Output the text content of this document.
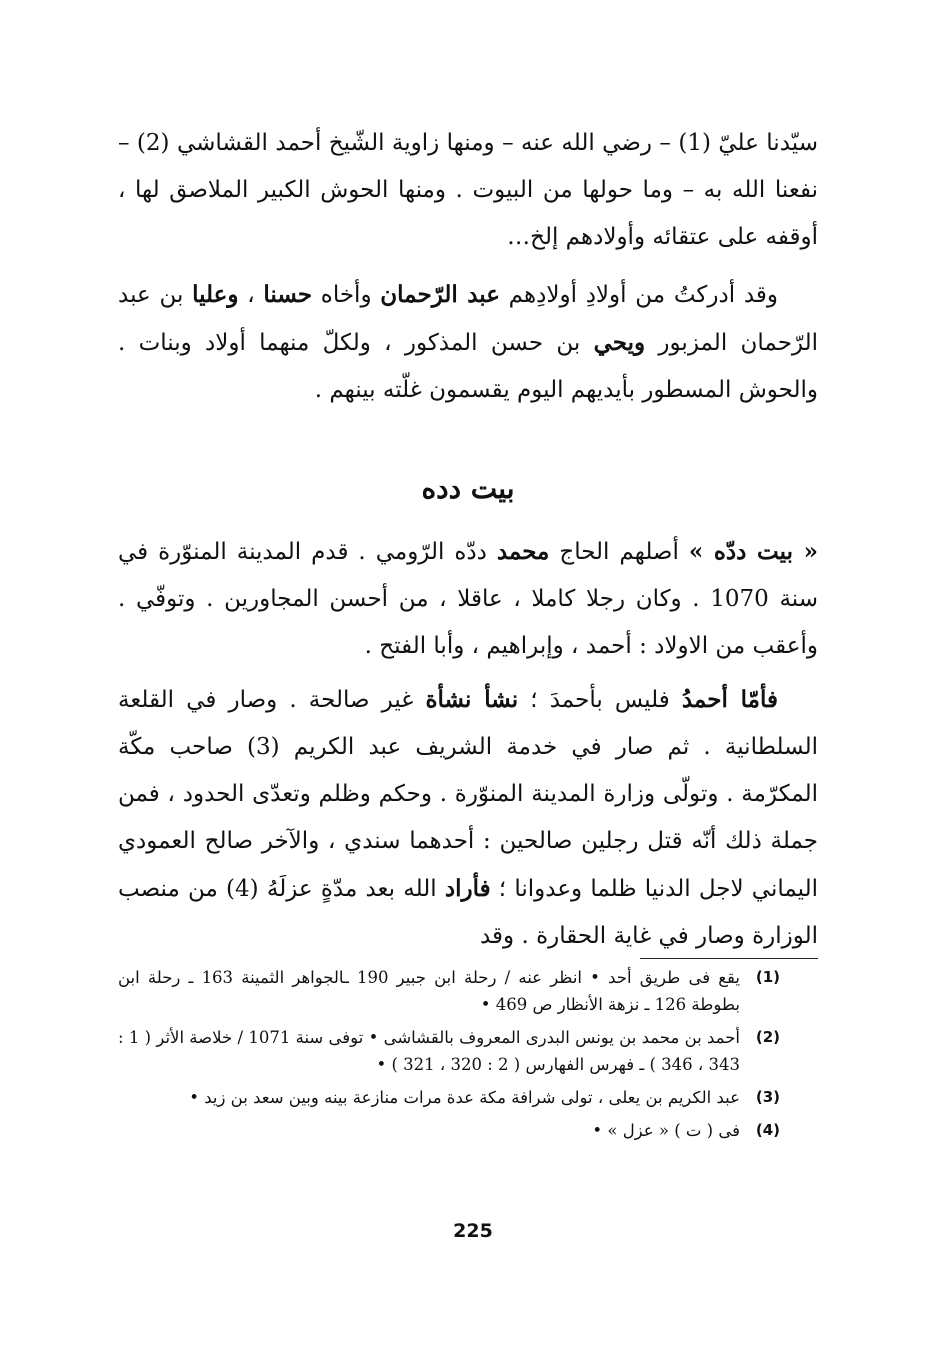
سيّدنا عليّ (1) – رضي الله عنه – ومنها زاوية الشّيخ أحمد القشاشي (2) – نفعنا الله به – وما حولها من البيوت . ومنها الحوش الكبير الملاصق لها ، أوقفه على عتقائه وأولادهم إلخ…

وقد أدركتُ من أولادِ أولادِهم عبد الرّحمان وأخاه حسنا ، وعليا بن عبد الرّحمان المزبور ويحي بن حسن المذكور ، ولكلّ منهما أولاد وبنات . والحوش المسطور بأيديهم اليوم يقسمون غلّته بينهم .

بيت دده

« بيت ددّه » أصلهم الحاج محمد ددّه الرّومي . قدم المدينة المنوّرة في سنة 1070 . وكان رجلا كاملا ، عاقلا ، من أحسن المجاورين . وتوفّي . وأعقب من الاولاد : أحمد ، وإبراهيم ، وأبا الفتح .

فأمّا أحمدُ فليس بأحمدَ ؛ نشأ نشأة غير صالحة . وصار في القلعة السلطانية . ثم صار في خدمة الشريف عبد الكريم (3) صاحب مكّة المكرّمة . وتولّى وزارة المدينة المنوّرة . وحكم وظلم وتعدّى الحدود ، فمن جملة ذلك أنّه قتل رجلين صالحين : أحدهما سندي ، والآخر صالح العمودي اليماني لاجل الدنيا ظلما وعدوانا ؛ فأراد الله بعد مدّةٍ عزلَهُ (4) من منصب الوزارة وصار في غاية الحقارة . وقد

(1)
يقع فى طريق أحد • انظر عنه / رحلة ابن جبير 190 ـالجواهر الثمينة 163 ـ رحلة ابن بطوطة 126 ـ نزهة الأنظار ص 469 •
(2)
أحمد بن محمد بن يونس البدرى المعروف بالقشاشى • توفى سنة 1071 / خلاصة الأثر ( 1 : 343 ، 346 ) ـ فهرس الفهارس ( 2 : 320 ، 321 ) •
(3)
عبد الكريم بن يعلى ، تولى شرافة مكة عدة مرات منازعة بينه وبين سعد بن زيد •
(4)
فى ( ت ) « عزل » •
225
